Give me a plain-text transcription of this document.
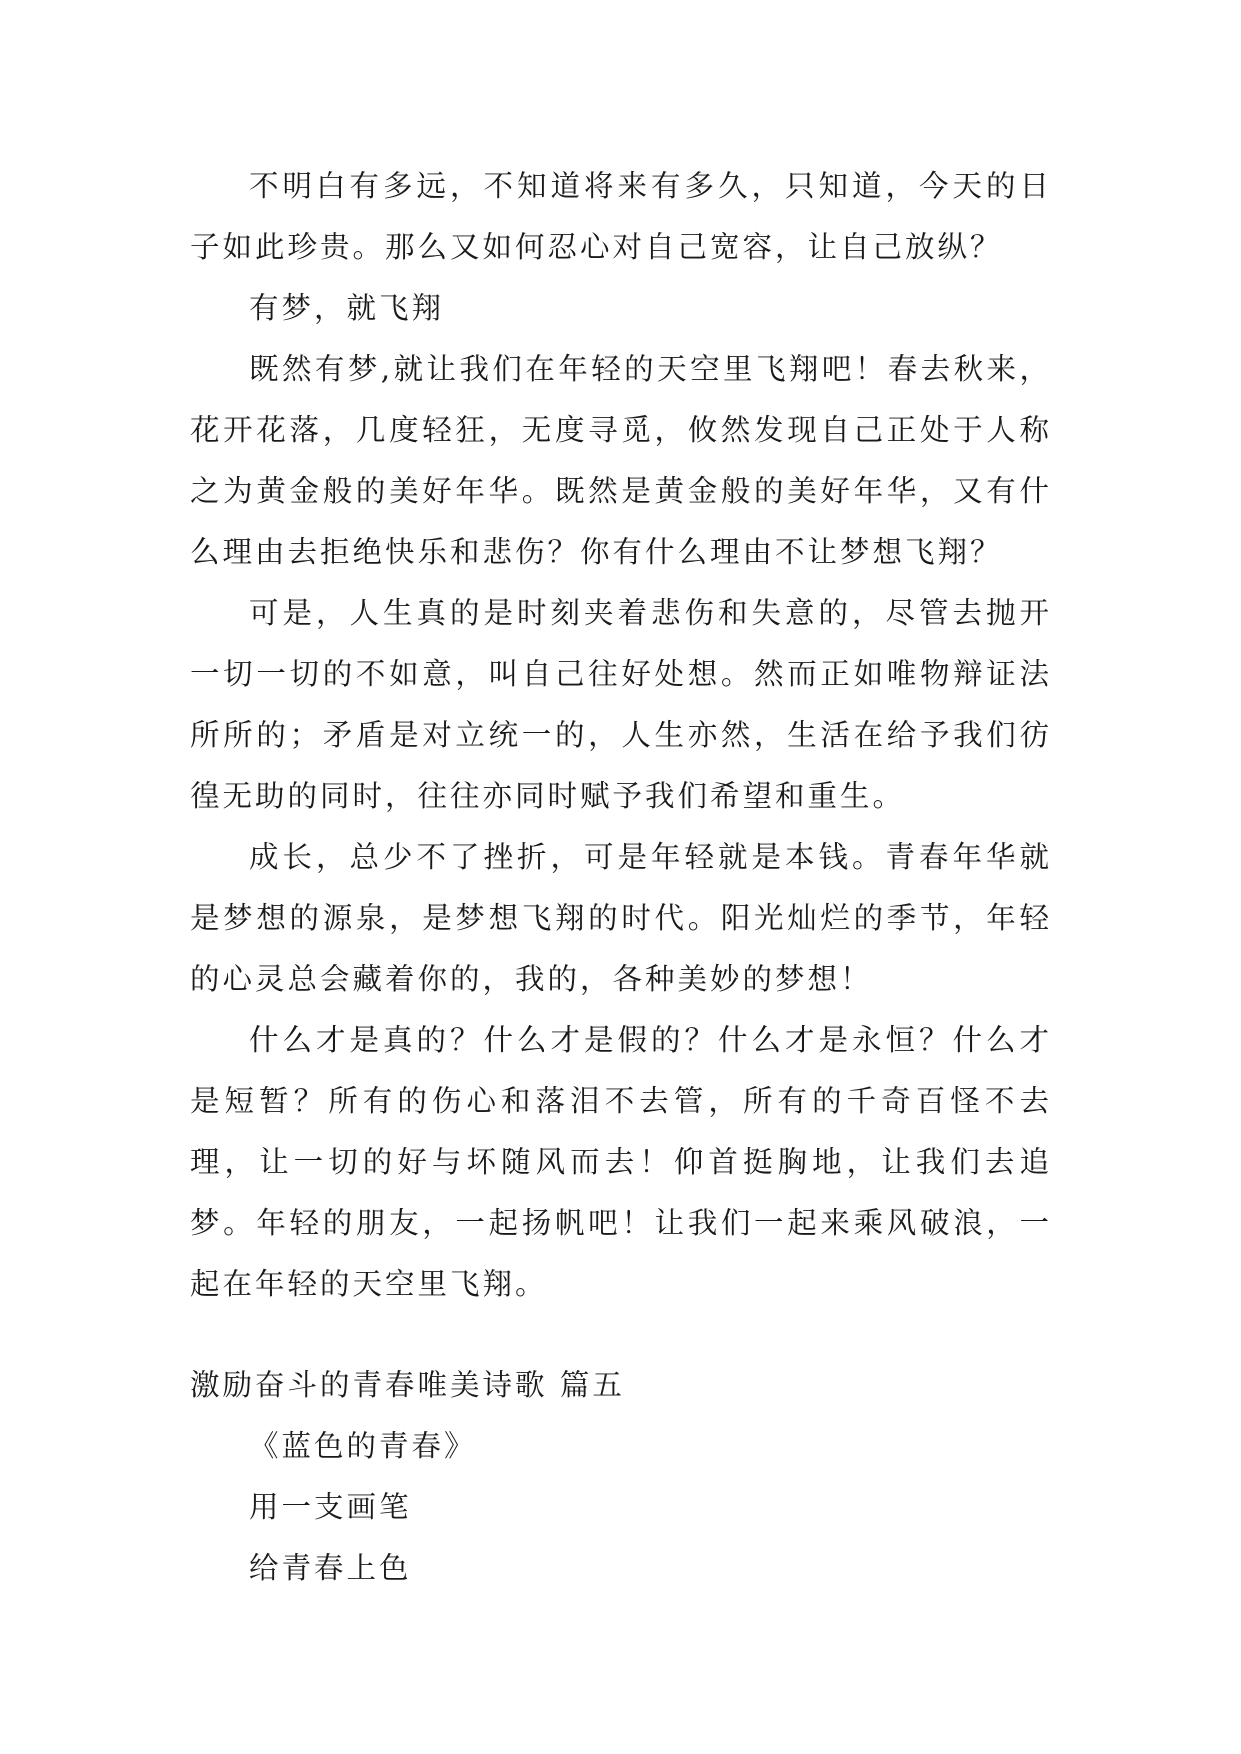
不明白有多远，不知道将来有多久，只知道，今天的日子如此珍贵。那么又如何忍心对自己宽容，让自己放纵？

有梦，就飞翔

既然有梦,就让我们在年轻的天空里飞翔吧！春去秋来，花开花落，几度轻狂，无度寻觅，攸然发现自己正处于人称之为黄金般的美好年华。既然是黄金般的美好年华，又有什么理由去拒绝快乐和悲伤？你有什么理由不让梦想飞翔？

可是，人生真的是时刻夹着悲伤和失意的，尽管去抛开一切一切的不如意，叫自己往好处想。然而正如唯物辩证法所所的；矛盾是对立统一的，人生亦然，生活在给予我们彷徨无助的同时，往往亦同时赋予我们希望和重生。

成长，总少不了挫折，可是年轻就是本钱。青春年华就是梦想的源泉，是梦想飞翔的时代。阳光灿烂的季节，年轻的心灵总会藏着你的，我的，各种美妙的梦想！

什么才是真的？什么才是假的？什么才是永恒？什么才是短暂？所有的伤心和落泪不去管，所有的千奇百怪不去理，让一切的好与坏随风而去！仰首挺胸地，让我们去追梦。年轻的朋友，一起扬帆吧！让我们一起来乘风破浪，一起在年轻的天空里飞翔。

激励奋斗的青春唯美诗歌 篇五

《蓝色的青春》

用一支画笔

给青春上色
